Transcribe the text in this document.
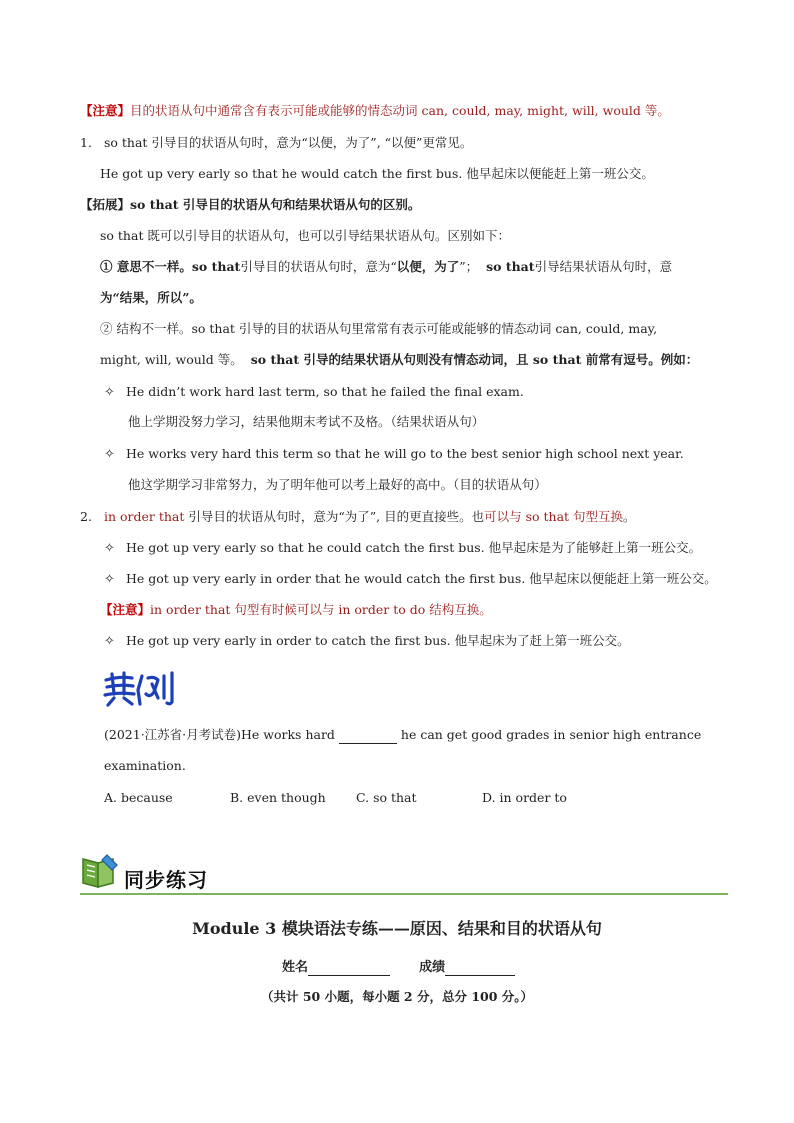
【注意】目的状语从句中通常含有表示可能或能够的情态动词 can, could, may, might, will, would 等。
1. so that 引导目的状语从句时，意为“以便，为了”, “以便”更常见。
He got up very early so that he would catch the first bus. 他早起床以便能赶上第一班公交。
【拓展】so that 引导目的状语从句和结果状语从句的区别。
so that 既可以引导目的状语从句，也可以引导结果状语从句。区别如下：
① 意思不一样。so that引导目的状语从句时，意为“以便，为了”； so that引导结果状语从句时，意
为“结果，所以”。
② 结构不一样。so that 引导的目的状语从句里常常有表示可能或能够的情态动词 can, could, may,
might, will, would 等。 so that 引导的结果状语从句则没有情态动词，且 so that 前常有逗号。例如：
✧ He didn’t work hard last term, so that he failed the final exam.
他上学期没努力学习，结果他期末考试不及格。（结果状语从句）
✧ He works very hard this term so that he will go to the best senior high school next year.
他这学期学习非常努力，为了明年他可以考上最好的高中。（目的状语从句）
2. in order that 引导目的状语从句时，意为“为了”, 目的更直接些。也可以与 so that 句型互换。
✧ He got up very early so that he could catch the first bus. 他早起床是为了能够赶上第一班公交。
✧ He got up very early in order that he would catch the first bus. 他早起床以便能赶上第一班公交。
【注意】in order that 句型有时候可以与 in order to do 结构互换。
✧ He got up very early in order to catch the first bus. 他早起床为了赶上第一班公交。
(2021·江苏省·月考试卷)He works hard	he can get good grades in senior high entrance
examination.
A. because	B. even though C. so that	D. in order to
同步练习
Module 3 模块语法专练——原因、结果和目的状语从句
姓名	成绩
（共计 50 小题，每小题 2 分，总分 100 分。）
